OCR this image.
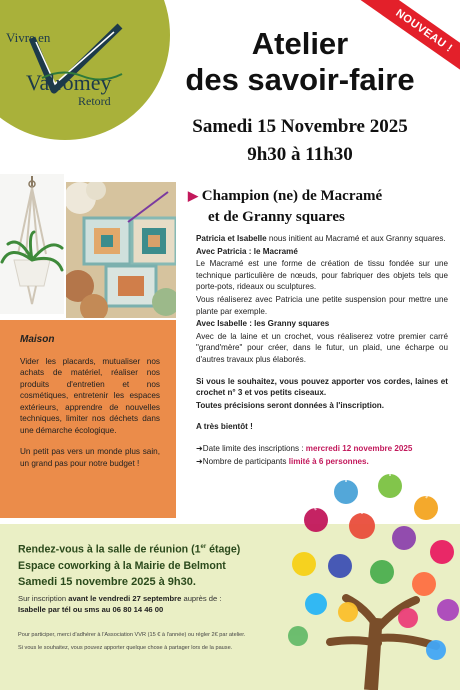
Vivre en
Valromey
Retord
Atelier
des savoir-faire
Samedi 15 Novembre 2025
9h30 à 11h30
NOUVEAU !
Maison

Vider les placards, mutualiser nos achats de matériel, réaliser nos produits d'entretien et nos cosmétiques, entretenir les espaces extérieurs, apprendre de nouvelles techniques, limiter nos déchets dans une démarche écologique.

Un petit pas vers un monde plus sain, un grand pas pour notre budget !

▶ Champion (ne) de Macramé
et de Granny squares

Patricia et Isabelle nous initient au Macramé et aux Granny squares.

Avec Patricia : le Macramé

Le Macramé est une forme de création de tissu fondée sur une technique particulière de nœuds, pour fabriquer des objets tels que porte-pots, rideaux ou sculptures.

Vous réaliserez avec Patricia une petite suspension pour mettre une plante par exemple.

Avec Isabelle : les Granny squares

Avec de la laine et un crochet, vous réaliserez votre premier carré "grand'mère" pour créer, dans le futur, un plaid, une écharpe ou d'autres travaux plus élaborés.

Si vous le souhaitez, vous pouvez apporter vos cordes, laines et crochet n° 3 et vos petits ciseaux.

Toutes précisions seront données à l'inscription.

A très bientôt !

➜Date limite des inscriptions : mercredi 12 novembre 2025

➜Nombre de participants limité à 6 personnes.

Rendez-vous à la salle de réunion (1er étage)
Espace coworking à la Mairie de Belmont
Samedi 15 novembre 2025 à 9h30.
Sur inscription avant le vendredi 27 septembre auprès de :
Isabelle par tél ou sms au 06 80 14 46 00
Pour participer, merci d'adhérer à l'Association VVR (15 € à l'année) ou régler 2€ par atelier.
Si vous le souhaitez, vous pouvez apporter quelque chose à partager lors de la pause.
